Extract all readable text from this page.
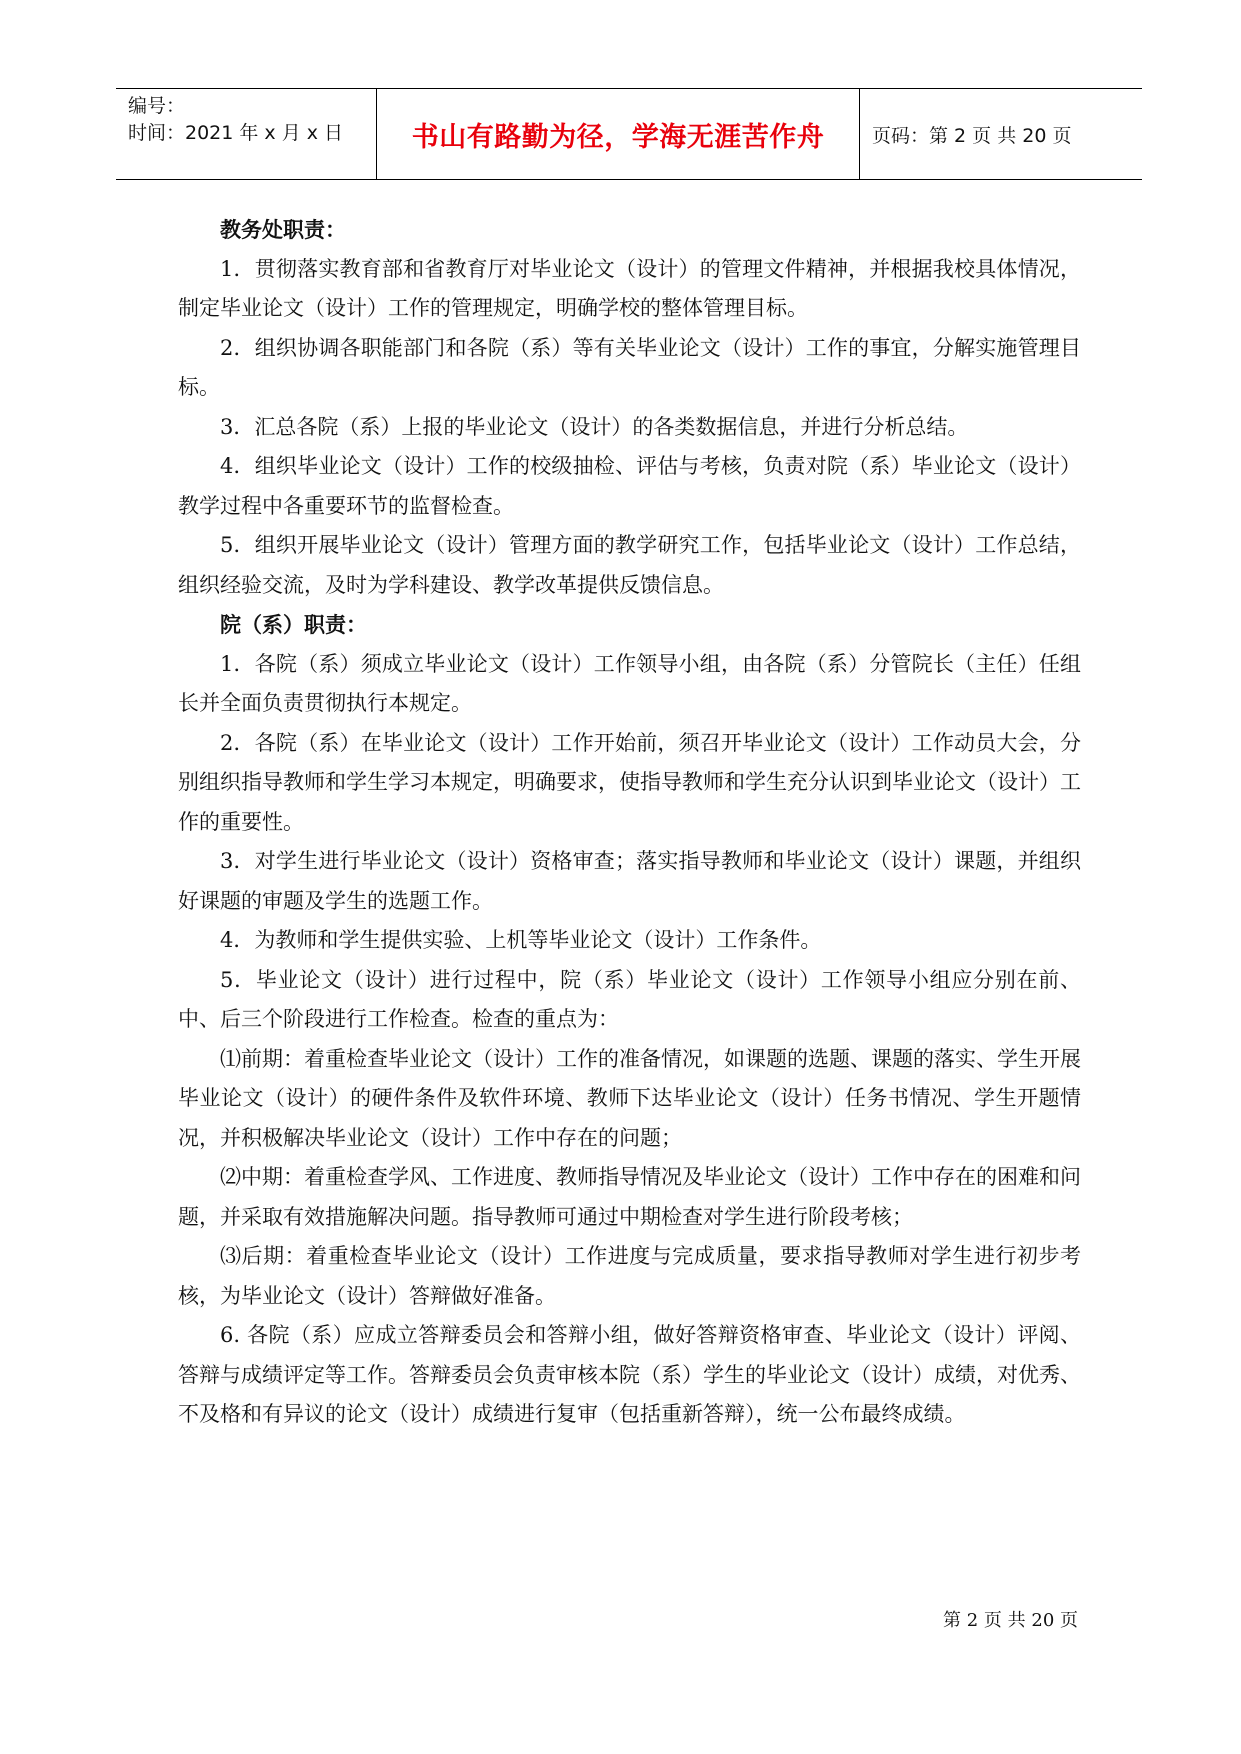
编号：
时间：2021 年 x 月 x 日	书山有路勤为径，学海无涯苦作舟	页码：第 2 页 共 20 页

教务处职责：

1．贯彻落实教育部和省教育厅对毕业论文（设计）的管理文件精神，并根据我校具体情况，制定毕业论文（设计）工作的管理规定，明确学校的整体管理目标。

2．组织协调各职能部门和各院（系）等有关毕业论文（设计）工作的事宜，分解实施管理目标。

3．汇总各院（系）上报的毕业论文（设计）的各类数据信息，并进行分析总结。

4．组织毕业论文（设计）工作的校级抽检、评估与考核，负责对院（系）毕业论文（设计）教学过程中各重要环节的监督检查。

5．组织开展毕业论文（设计）管理方面的教学研究工作，包括毕业论文（设计）工作总结，组织经验交流，及时为学科建设、教学改革提供反馈信息。

院（系）职责：

1．各院（系）须成立毕业论文（设计）工作领导小组，由各院（系）分管院长（主任）任组长并全面负责贯彻执行本规定。

2．各院（系）在毕业论文（设计）工作开始前，须召开毕业论文（设计）工作动员大会，分别组织指导教师和学生学习本规定，明确要求，使指导教师和学生充分认识到毕业论文（设计）工作的重要性。

3．对学生进行毕业论文（设计）资格审查；落实指导教师和毕业论文（设计）课题，并组织好课题的审题及学生的选题工作。

4．为教师和学生提供实验、上机等毕业论文（设计）工作条件。

5．毕业论文（设计）进行过程中，院（系）毕业论文（设计）工作领导小组应分别在前、中、后三个阶段进行工作检查。检查的重点为：

⑴前期：着重检查毕业论文（设计）工作的准备情况，如课题的选题、课题的落实、学生开展毕业论文（设计）的硬件条件及软件环境、教师下达毕业论文（设计）任务书情况、学生开题情况，并积极解决毕业论文（设计）工作中存在的问题；

⑵中期：着重检查学风、工作进度、教师指导情况及毕业论文（设计）工作中存在的困难和问题，并采取有效措施解决问题。指导教师可通过中期检查对学生进行阶段考核；

⑶后期：着重检查毕业论文（设计）工作进度与完成质量，要求指导教师对学生进行初步考核，为毕业论文（设计）答辩做好准备。

6. 各院（系）应成立答辩委员会和答辩小组，做好答辩资格审查、毕业论文（设计）评阅、答辩与成绩评定等工作。答辩委员会负责审核本院（系）学生的毕业论文（设计）成绩，对优秀、不及格和有异议的论文（设计）成绩进行复审（包括重新答辩），统一公布最终成绩。

第 2 页 共 20 页
